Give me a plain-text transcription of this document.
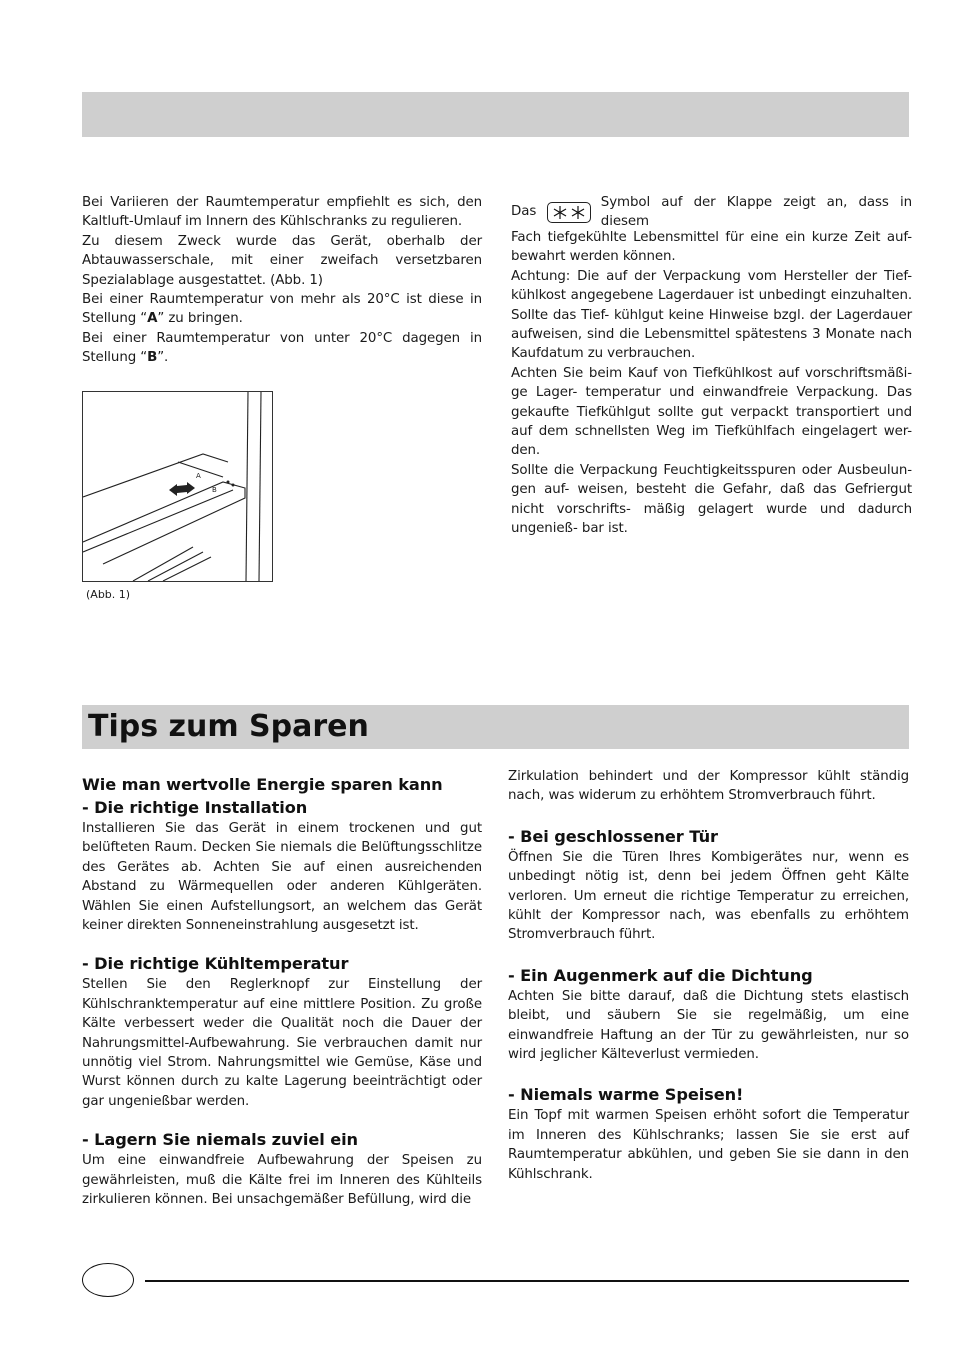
Bei Variieren der Raumtemperatur empfiehlt es sich, den Kaltluft-Umlauf im Innern des Kühlschranks zu regulieren.

Zu diesem Zweck wurde das Gerät, oberhalb der Abtauwasserschale, mit einer zweifach versetzbaren Spezialablage ausgestattet. (Abb. 1)

Bei einer Raumtemperatur von mehr als 20°C ist diese in Stellung “A” zu bringen.

Bei einer Raumtemperatur von unter 20°C dagegen in Stellung “B”.

A
B
(Abb. 1)
Das
Symbol auf der Klappe zeigt an, dass in diesem

Fach tiefgekühlte Lebensmittel für eine ein kurze Zeit auf- bewahrt werden können.

Achtung: Die auf der Verpackung vom Hersteller der Tief- kühlkost angegebene Lagerdauer ist unbedingt einzuhalten. Sollte das Tief- kühlgut keine Hinweise bzgl. der Lagerdauer aufweisen, sind die Lebensmittel spätestens 3 Monate nach Kaufdatum zu verbrauchen.

Achten Sie beim Kauf von Tiefkühlkost auf vorschriftsmäßi- ge Lager- temperatur und einwandfreie Verpackung. Das gekaufte Tiefkühlgut sollte gut verpackt transportiert und auf dem schnellsten Weg im Tiefkühlfach eingelagert wer- den.

Sollte die Verpackung Feuchtigkeitsspuren oder Ausbeulun- gen auf- weisen, besteht die Gefahr, daß das Gefriergut nicht vorschrifts- mäßig gelagert wurde und dadurch ungenieß- bar ist.

Tips zum Sparen
Wie man wertvolle Energie sparen kann
- Die richtige Installation

Installieren Sie das Gerät in einem trockenen und gut belüfteten Raum. Decken Sie niemals die Belüftungsschlitze des Gerätes ab. Achten Sie auf einen ausreichenden Abstand zu Wärmequellen oder anderen Kühlgeräten. Wählen Sie einen Aufstellungsort, an welchem das Gerät keiner direkten Sonneneinstrahlung ausgesetzt ist.

- Die richtige Kühltemperatur

Stellen Sie den Reglerknopf zur Einstellung der Kühlschranktemperatur auf eine mittlere Position. Zu große Kälte verbessert weder die Qualität noch die Dauer der Nahrungsmittel-Aufbewahrung. Sie verbrauchen damit nur unnötig viel Strom. Nahrungsmittel wie Gemüse, Käse und Wurst können durch zu kalte Lagerung beeinträchtigt oder gar ungenießbar werden.

- Lagern Sie niemals zuviel ein

Um eine einwandfreie Aufbewahrung der Speisen zu gewährleisten, muß die Kälte frei im Inneren des Kühlteils zirkulieren können. Bei unsachgemäßer Befüllung, wird die

Zirkulation behindert und der Kompressor kühlt ständig nach, was widerum zu erhöhtem Stromverbrauch führt.

- Bei geschlossener Tür

Öffnen Sie die Türen Ihres Kombigerätes nur, wenn es unbedingt nötig ist, denn bei jedem Öffnen geht Kälte verloren. Um erneut die richtige Temperatur zu erreichen, kühlt der Kompressor nach, was ebenfalls zu erhöhtem Stromverbrauch führt.

- Ein Augenmerk auf die Dichtung

Achten Sie bitte darauf, daß die Dichtung stets elastisch bleibt, und säubern Sie sie regelmäßig, um eine einwandfreie Haftung an der Tür zu gewährleisten, nur so wird jeglicher Kälteverlust vermieden.

- Niemals warme Speisen!

Ein Topf mit warmen Speisen erhöht sofort die Temperatur im Inneren des Kühlschranks; lassen Sie sie erst auf Raumtemperatur abkühlen, und geben Sie sie dann in den Kühlschrank.
